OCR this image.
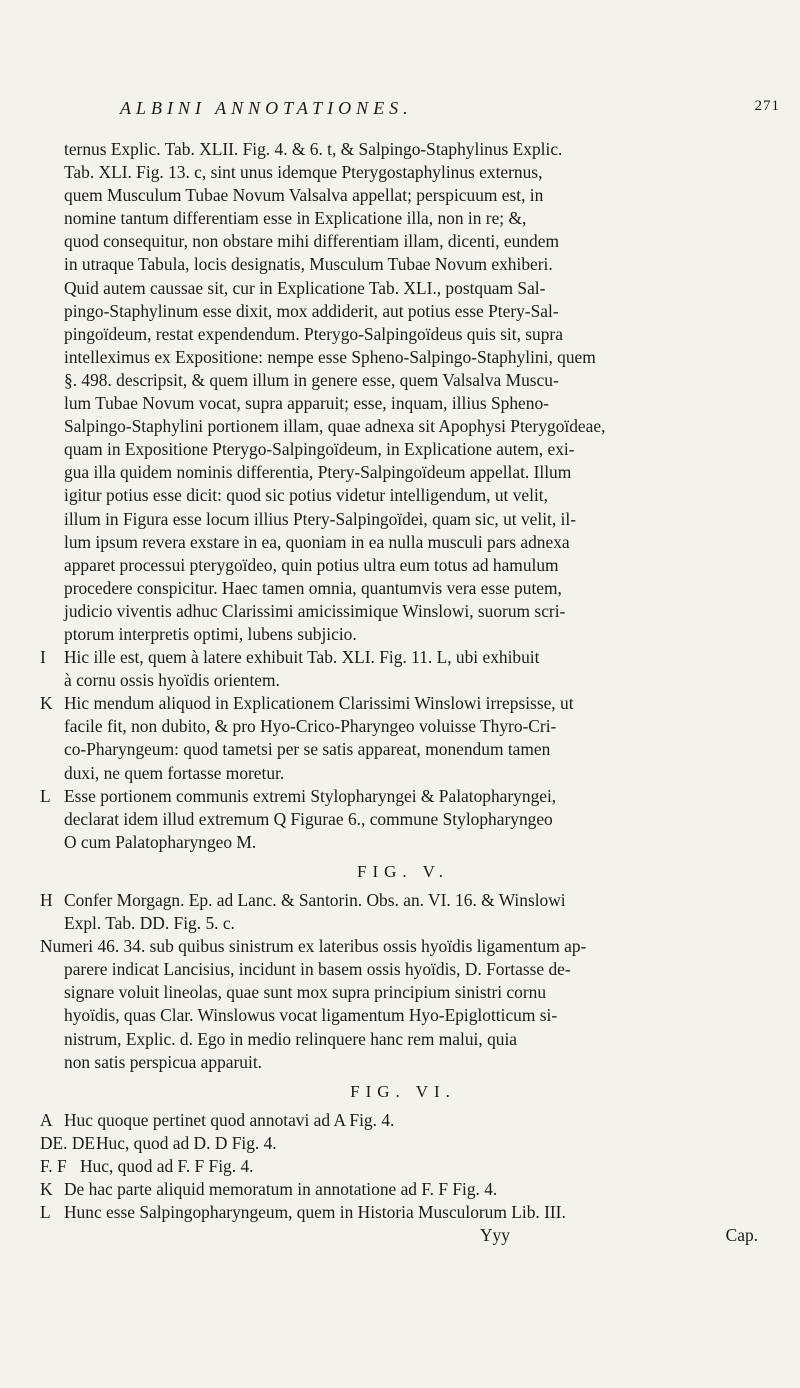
ALBINI ANNOTATIONES.	271
ternus Explic. Tab. XLII. Fig. 4. & 6. t, & Salpingo-Staphylinus Explic.
Tab. XLI. Fig. 13. c, sint unus idemque Pterygostaphylinus externus,
quem Musculum Tubae Novum Valsalva appellat; perspicuum est, in
nomine tantum differentiam esse in Explicatione illa, non in re; &,
quod consequitur, non obstare mihi differentiam illam, dicenti, eundem
in utraque Tabula, locis designatis, Musculum Tubae Novum exhiberi.
Quid autem caussae sit, cur in Explicatione Tab. XLI., postquam Sal-
pingo-Staphylinum esse dixit, mox addiderit, aut potius esse Ptery-Sal-
pingoïdeum, restat expendendum. Pterygo-Salpingoïdeus quis sit, supra
intelleximus ex Expositione: nempe esse Spheno-Salpingo-Staphylini, quem
§. 498. descripsit, & quem illum in genere esse, quem Valsalva Muscu-
lum Tubae Novum vocat, supra apparuit; esse, inquam, illius Spheno-
Salpingo-Staphylini portionem illam, quae adnexa sit Apophysi Pterygoïdeae,
quam in Expositione Pterygo-Salpingoïdeum, in Explicatione autem, exi-
gua illa quidem nominis differentia, Ptery-Salpingoïdeum appellat. Illum
igitur potius esse dicit: quod sic potius videtur intelligendum, ut velit,
illum in Figura esse locum illius Ptery-Salpingoïdei, quam sic, ut velit, il-
lum ipsum revera exstare in ea, quoniam in ea nulla musculi pars adnexa
apparet processui pterygoïdeo, quin potius ultra eum totus ad hamulum
procedere conspicitur. Haec tamen omnia, quantumvis vera esse putem,
judicio viventis adhuc Clarissimi amicissimique Winslowi, suorum scri-
ptorum interpretis optimi, lubens subjicio.
I	Hic ille est, quem à latere exhibuit Tab. XLI. Fig. 11. L, ubi exhibuit
à cornu ossis hyoïdis orientem.
K Hic mendum aliquod in Explicationem Clarissimi Winslowi irrepsisse, ut
facile fit, non dubito, & pro Hyo-Crico-Pharyngeo voluisse Thyro-Cri-
co-Pharyngeum: quod tametsi per se satis appareat, monendum tamen
duxi, ne quem fortasse moretur.
L Esse portionem communis extremi Stylopharyngei & Palatopharyngei,
declarat idem illud extremum Q Figurae 6., commune Stylopharyngeo
O cum Palatopharyngeo M.
FIG. V.
H Confer Morgagn. Ep. ad Lanc. & Santorin. Obs. an. VI. 16. & Winslowi
Expl. Tab. DD. Fig. 5. c.
Numeri 46. 34. sub quibus sinistrum ex lateribus ossis hyoïdis ligamentum ap-
parere indicat Lancisius, incidunt in basem ossis hyoïdis, D. Fortasse de-
signare voluit lineolas, quae sunt mox supra principium sinistri cornu
hyoïdis, quas Clar. Winslowus vocat ligamentum Hyo-Epiglotticum si-
nistrum, Explic. d. Ego in medio relinquere hanc rem malui, quia
non satis perspicua apparuit.
FIG. VI.
A Huc quoque pertinet quod annotavi ad A Fig. 4.
DE. DE Huc, quod ad D. D Fig. 4.
F. F Huc, quod ad F. F Fig. 4.
K De hac parte aliquid memoratum in annotatione ad F. F Fig. 4.
L Hunc esse Salpingopharyngeum, quem in Historia Musculorum Lib. III.
Yyy	Cap.
